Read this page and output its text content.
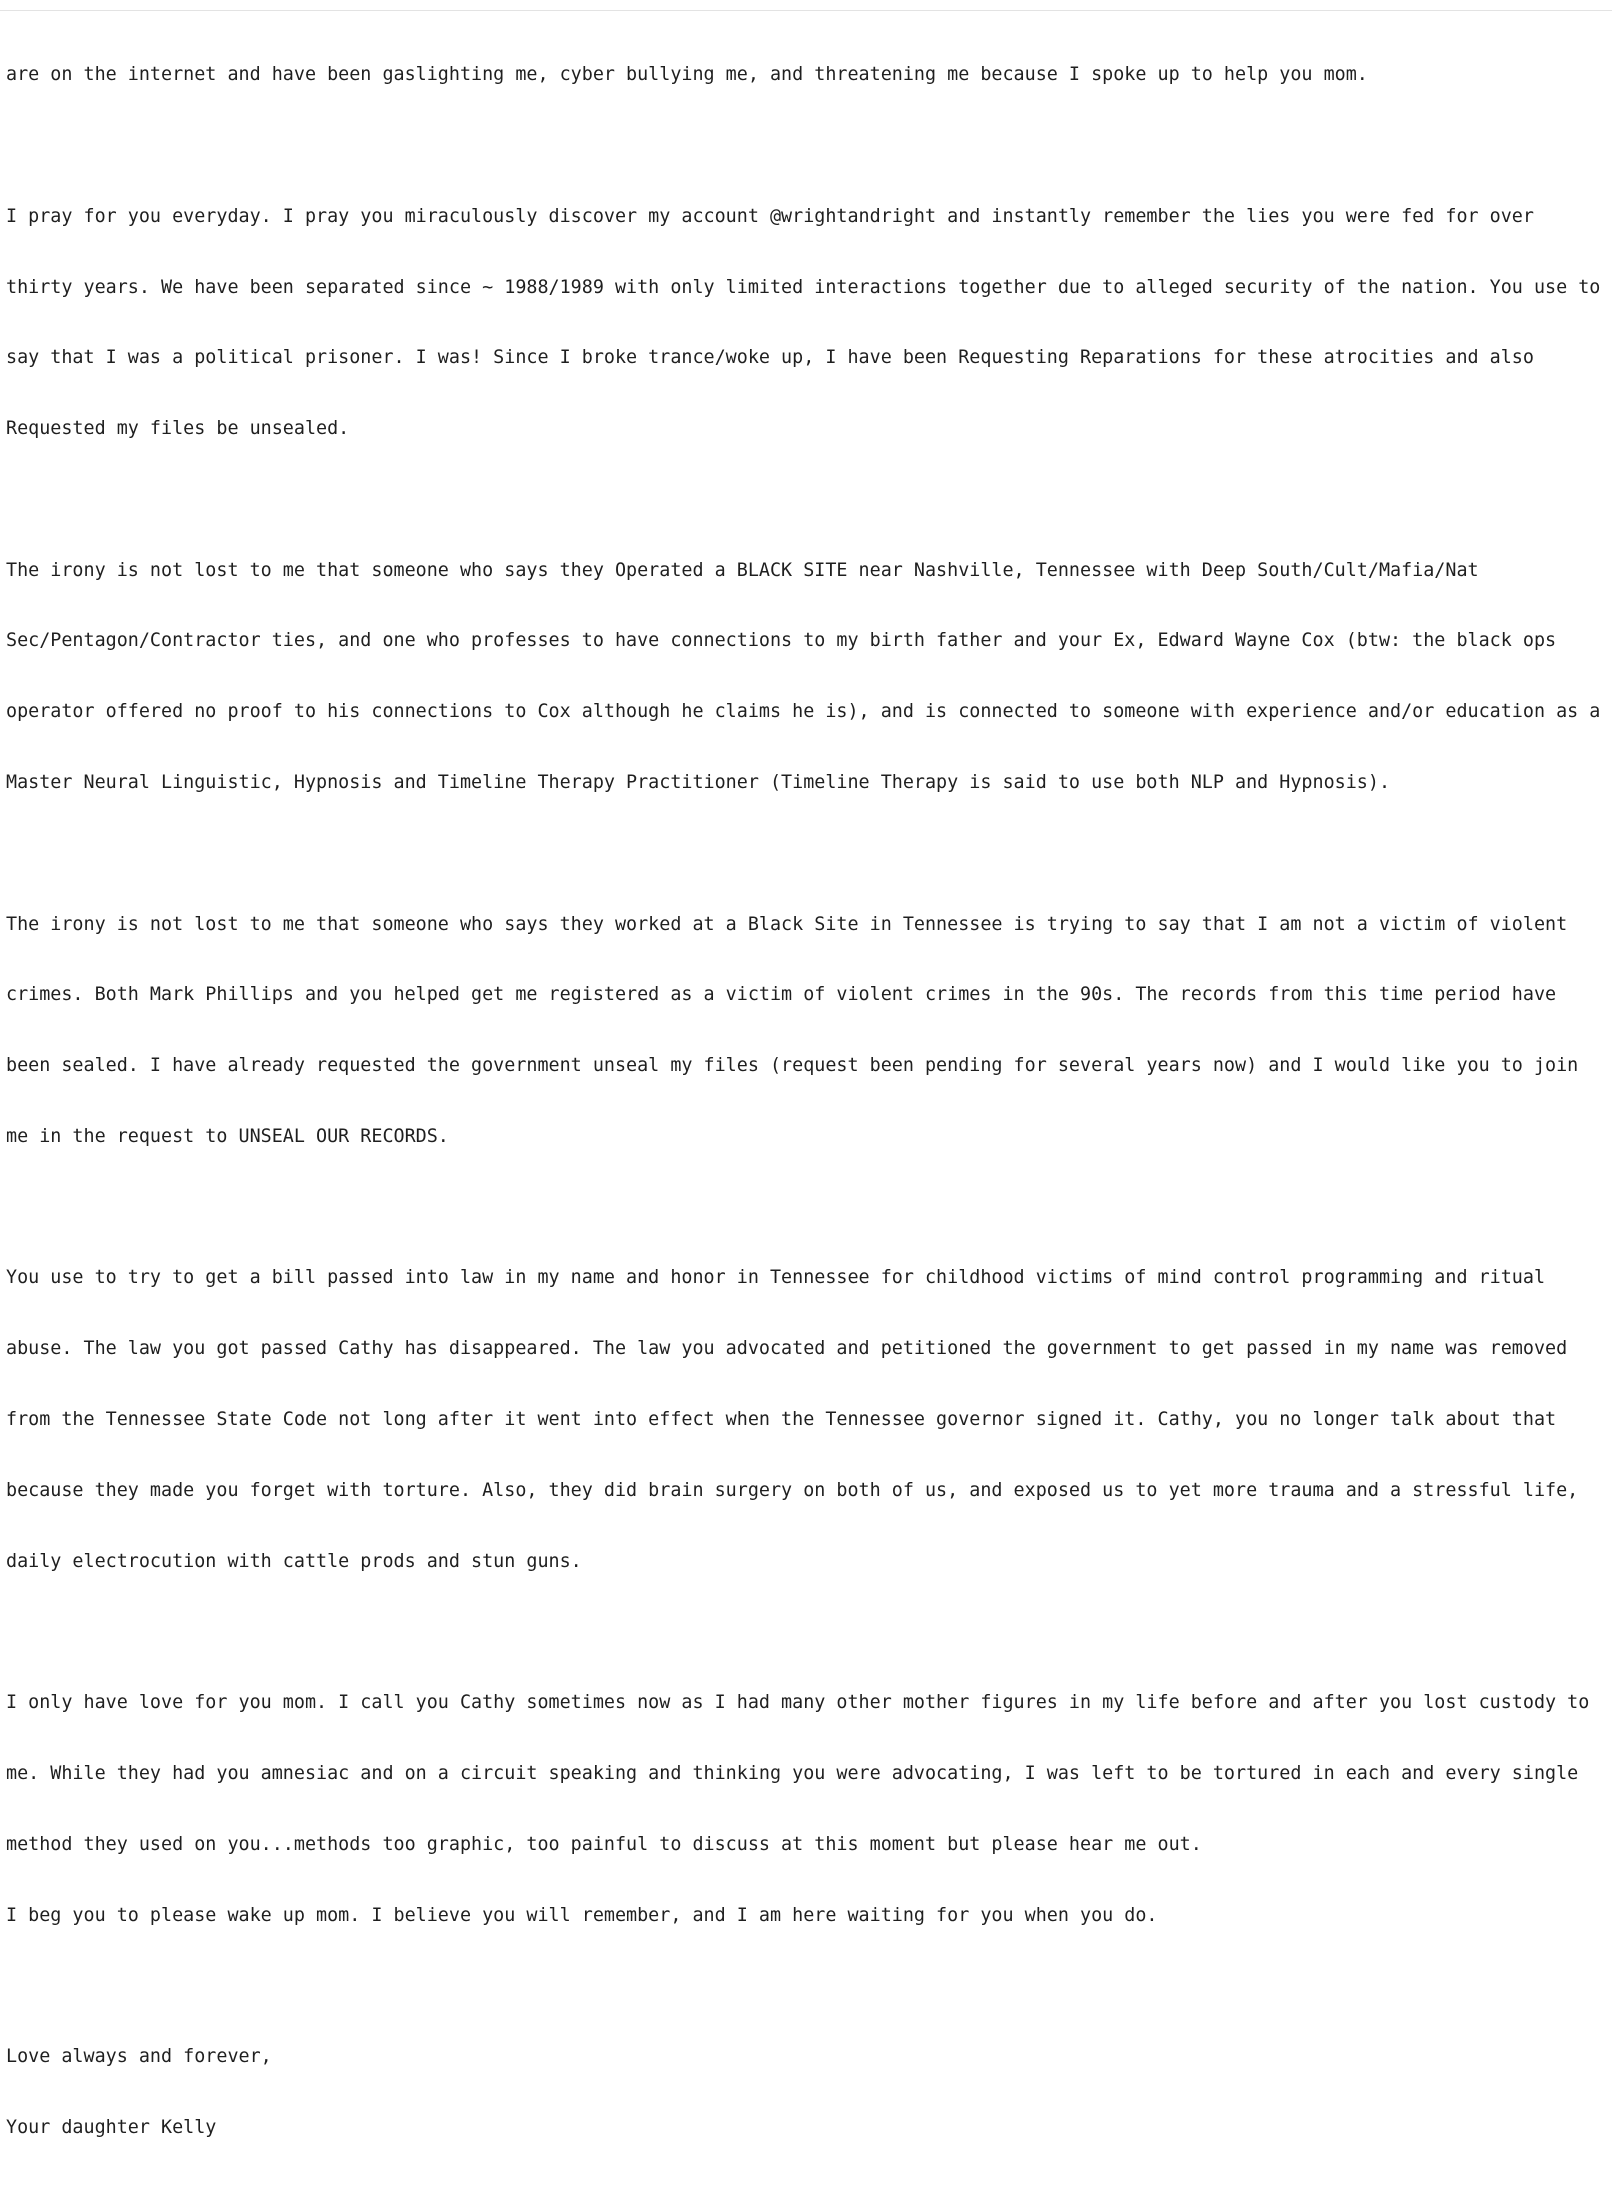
are on the internet and have been gaslighting me, cyber bullying me, and threatening me because I spoke up to help you mom.

I pray for you everyday. I pray you miraculously discover my account @wrightandright and instantly remember the lies you were fed for over

thirty years. We have been separated since ~ 1988/1989 with only limited interactions together due to alleged security of the nation. You use to

say that I was a political prisoner. I was! Since I broke trance/woke up, I have been Requesting Reparations for these atrocities and also

Requested my files be unsealed.

The irony is not lost to me that someone who says they Operated a BLACK SITE near Nashville, Tennessee with Deep South/Cult/Mafia/Nat

Sec/Pentagon/Contractor ties, and one who professes to have connections to my birth father and your Ex, Edward Wayne Cox (btw: the black ops

operator offered no proof to his connections to Cox although he claims he is), and is connected to someone with experience and/or education as a

Master Neural Linguistic, Hypnosis and Timeline Therapy Practitioner (Timeline Therapy is said to use both NLP and Hypnosis).

The irony is not lost to me that someone who says they worked at a Black Site in Tennessee is trying to say that I am not a victim of violent

crimes. Both Mark Phillips and you helped get me registered as a victim of violent crimes in the 90s. The records from this time period have

been sealed. I have already requested the government unseal my files (request been pending for several years now) and I would like you to join

me in the request to UNSEAL OUR RECORDS.

You use to try to get a bill passed into law in my name and honor in Tennessee for childhood victims of mind control programming and ritual

abuse. The law you got passed Cathy has disappeared. The law you advocated and petitioned the government to get passed in my name was removed

from the Tennessee State Code not long after it went into effect when the Tennessee governor signed it. Cathy, you no longer talk about that

because they made you forget with torture. Also, they did brain surgery on both of us, and exposed us to yet more trauma and a stressful life,

daily electrocution with cattle prods and stun guns.

I only have love for you mom. I call you Cathy sometimes now as I had many other mother figures in my life before and after you lost custody to

me. While they had you amnesiac and on a circuit speaking and thinking you were advocating, I was left to be tortured in each and every single

method they used on you...methods too graphic, too painful to discuss at this moment but please hear me out.

I beg you to please wake up mom. I believe you will remember, and I am here waiting for you when you do.

Love always and forever,

Your daughter Kelly
